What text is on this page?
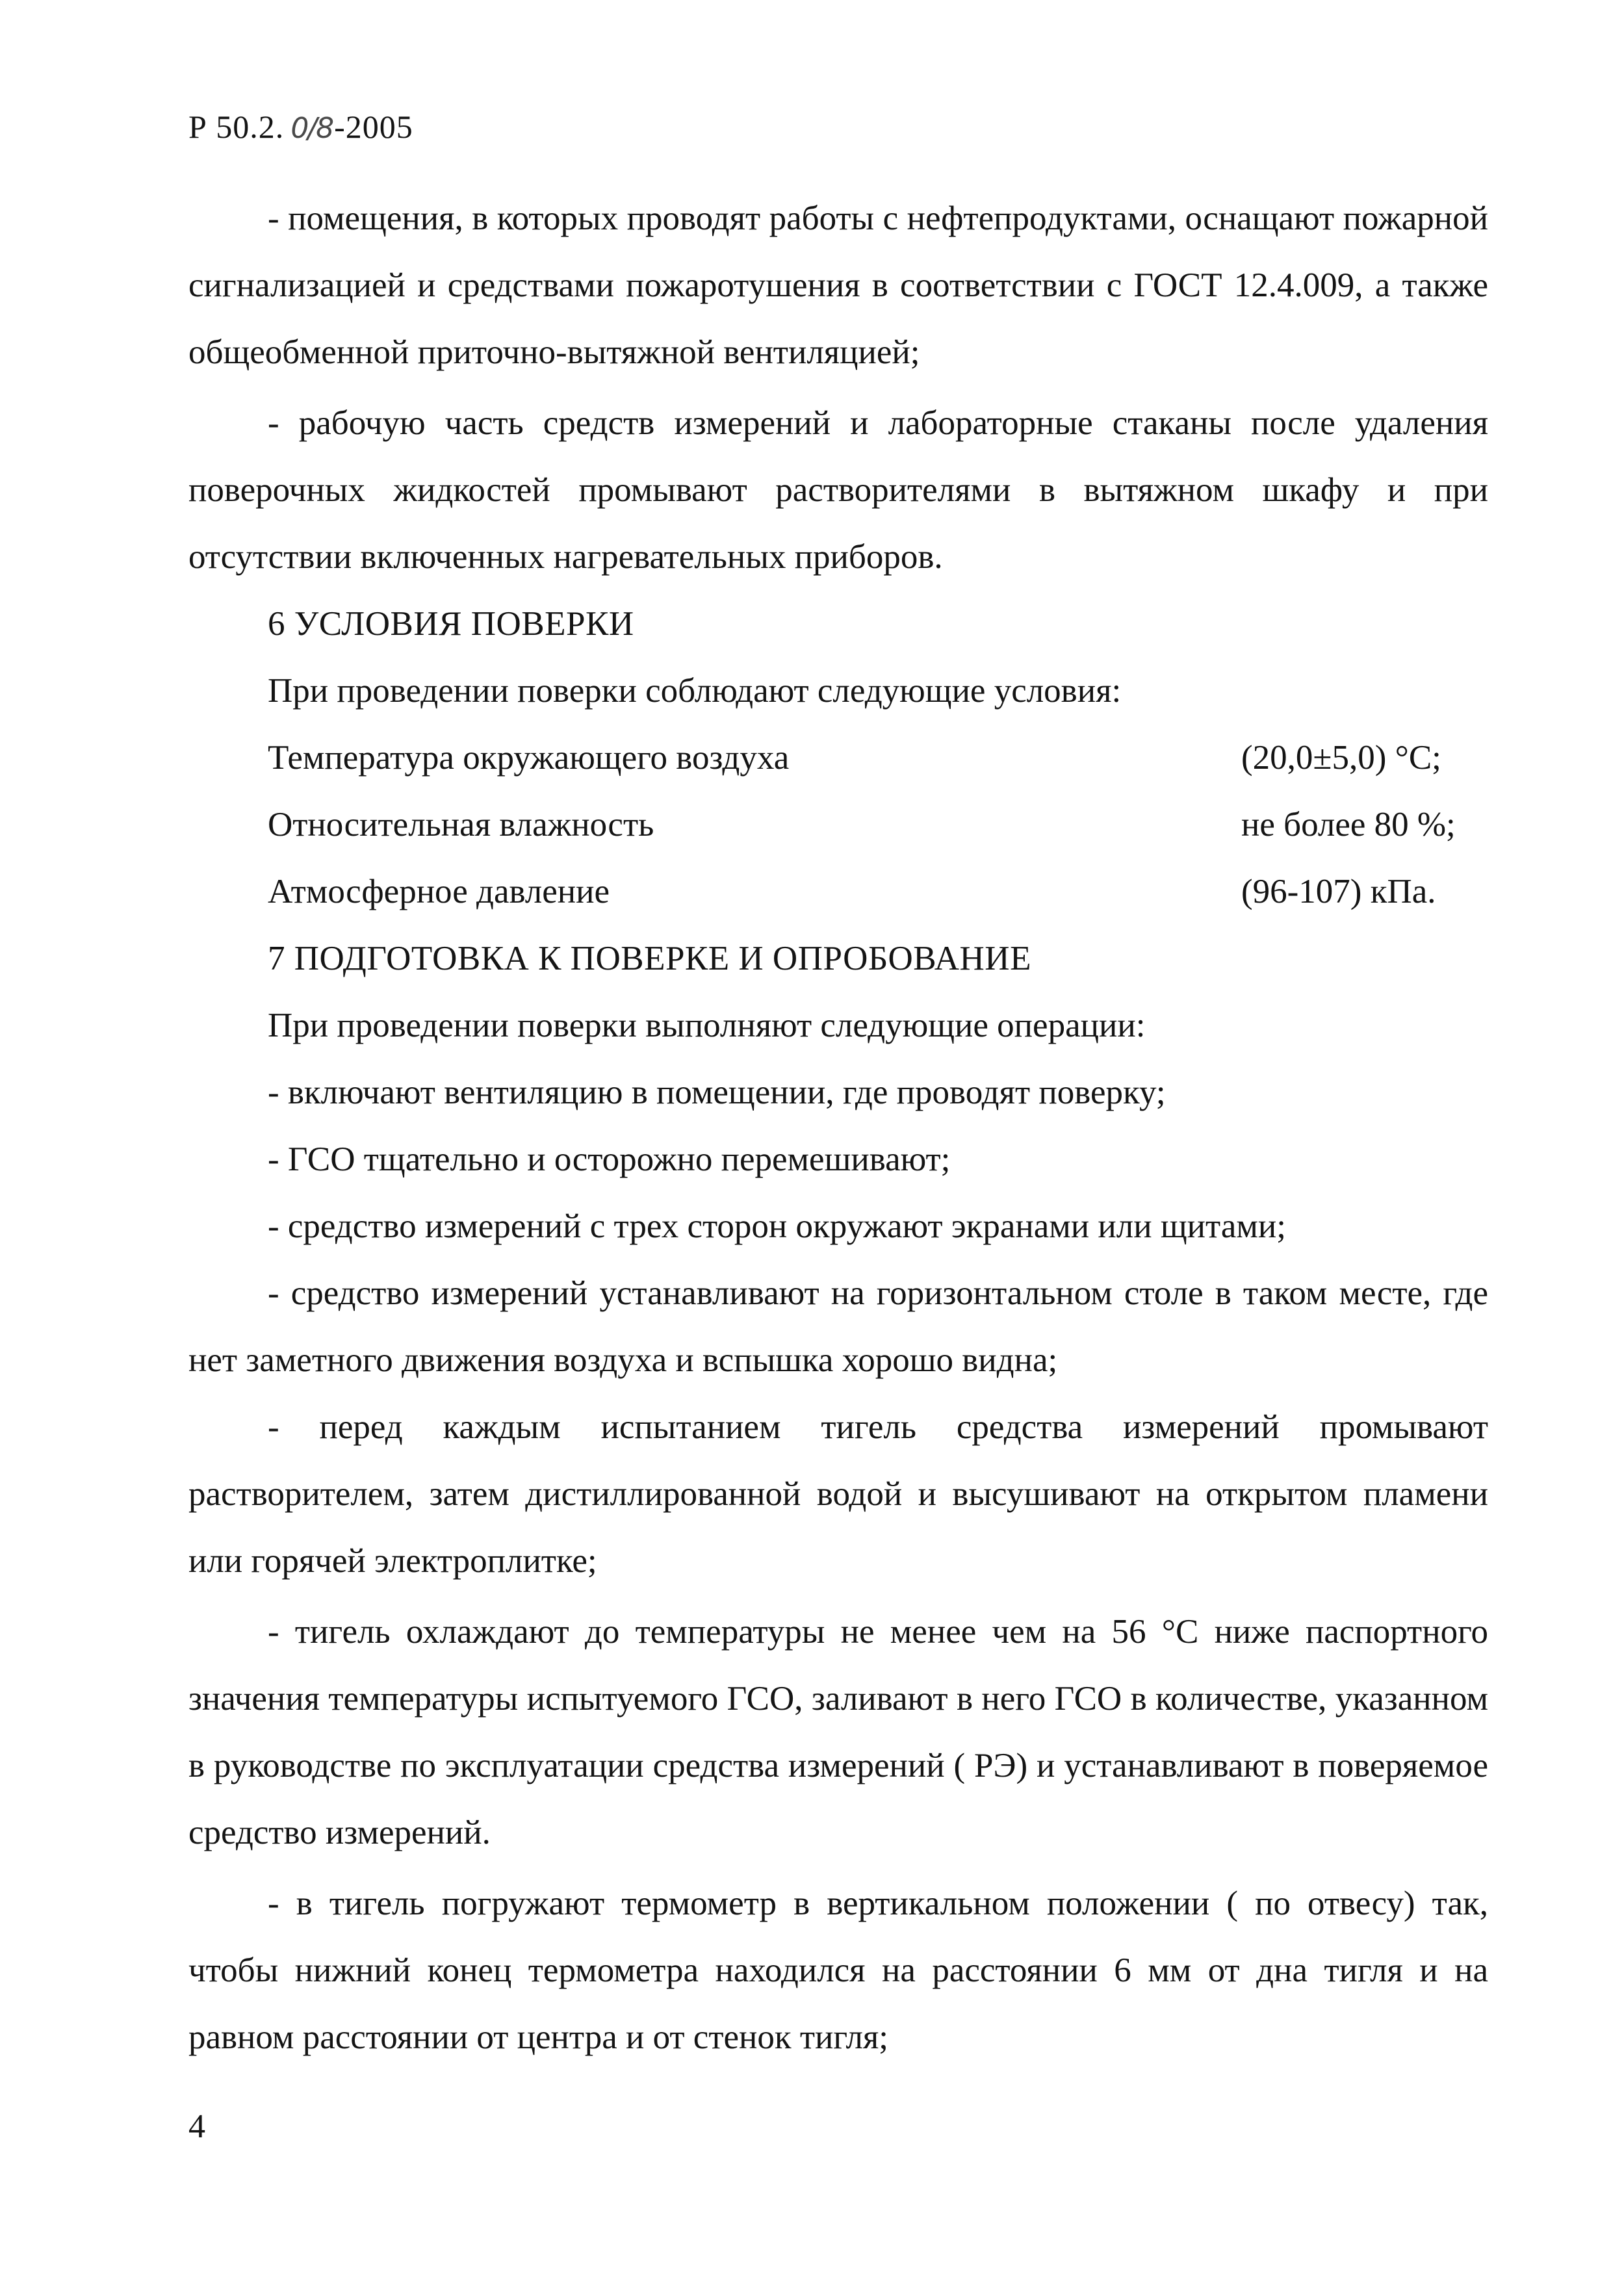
Р 50.2. 0/8-2005

- помещения, в которых проводят работы с нефтепродуктами, оснащают пожарной сигнализацией и средствами пожаротушения в соответствии с ГОСТ 12.4.009, а также общеобменной приточно-вытяжной вентиляцией;

- рабочую часть средств измерений и лабораторные стаканы после удаления поверочных жидкостей промывают растворителями в вытяжном шкафу и при отсутствии включенных нагревательных приборов.

6 УСЛОВИЯ ПОВЕРКИ

При проведении поверки соблюдают следующие условия:

Температура окружающего воздуха	(20,0±5,0) °С;
Относительная влажность	не более 80 %;
Атмосферное давление	(96-107) кПа.

7 ПОДГОТОВКА К ПОВЕРКЕ И ОПРОБОВАНИЕ

При проведении поверки выполняют следующие операции:

- включают вентиляцию в помещении, где проводят поверку;

- ГСО тщательно и осторожно перемешивают;

- средство измерений с трех сторон окружают экранами или щитами;

- средство измерений устанавливают на горизонтальном столе в таком месте, где нет заметного движения воздуха и вспышка хорошо видна;

- перед каждым испытанием тигель средства измерений промывают растворителем, затем дистиллированной водой и высушивают на открытом пламени или горячей электроплитке;

- тигель охлаждают до температуры не менее чем на 56 °С ниже паспортного значения температуры испытуемого ГСО, заливают в него ГСО в количестве, указанном в руководстве по эксплуатации средства измерений ( РЭ) и устанавливают в поверяемое средство измерений.

- в тигель погружают термометр в вертикальном положении ( по отвесу) так, чтобы нижний конец термометра находился на расстоянии 6 мм от дна тигля и на равном расстоянии от центра и от стенок тигля;

4
